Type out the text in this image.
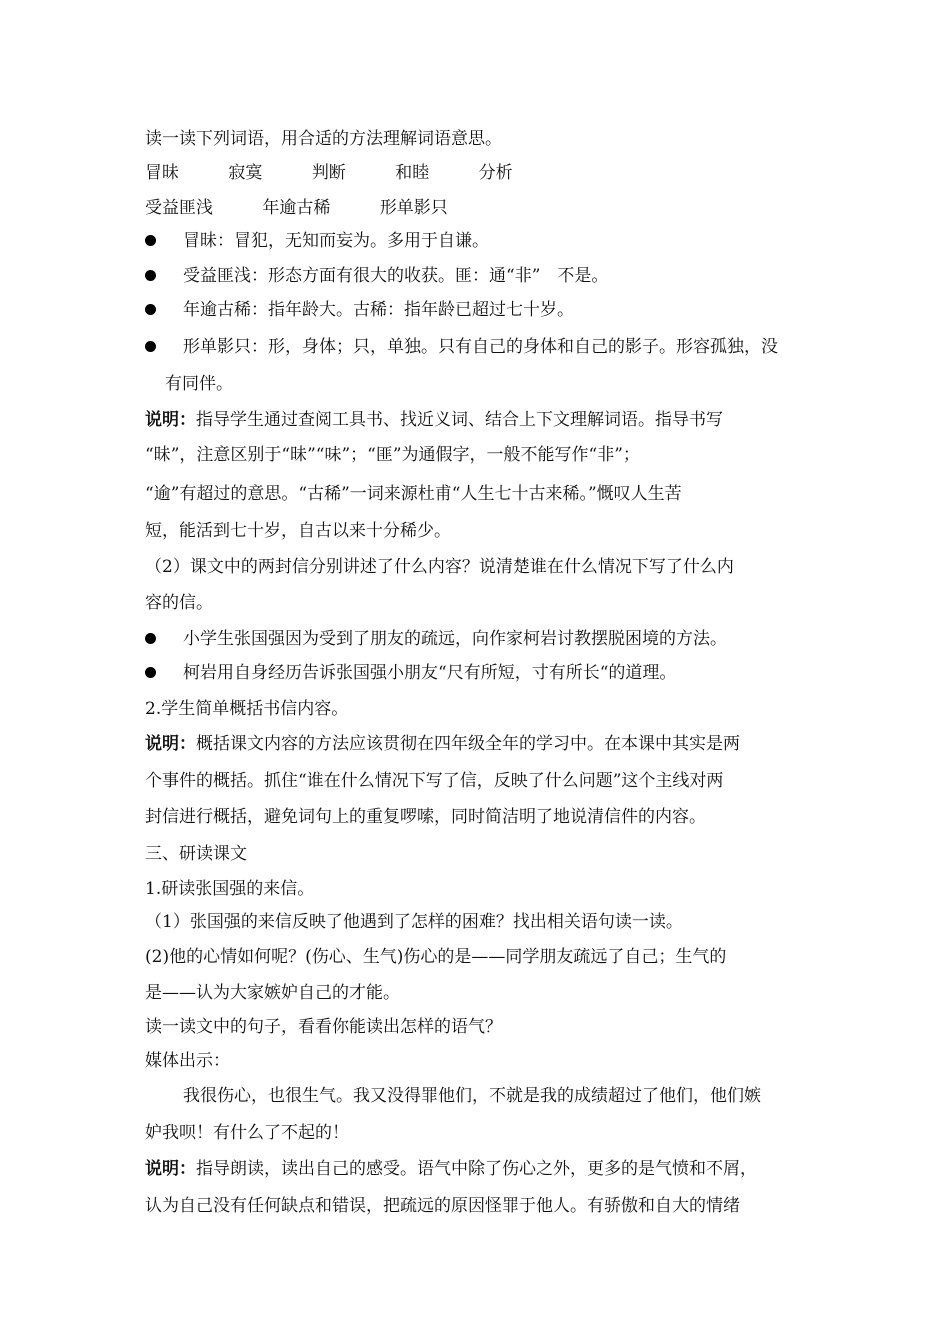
读一读下列词语，用合适的方法理解词语意思。
冒昧	寂寞	判断	和睦	分析
受益匪浅	年逾古稀	形单影只
冒昧：冒犯，无知而妄为。多用于自谦。
受益匪浅：形态方面有很大的收获。匪：通“非”　不是。
年逾古稀：指年龄大。古稀：指年龄已超过七十岁。
形单影只：形，身体；只，单独。只有自己的身体和自己的影子。形容孤独，没
有同伴。
说明：指导学生通过查阅工具书、找近义词、结合上下文理解词语。指导书写
“昧”，注意区别于“昧”“味”；“匪”为通假字，一般不能写作“非”；
“逾”有超过的意思。“古稀”一词来源杜甫“人生七十古来稀。”慨叹人生苦
短，能活到七十岁，自古以来十分稀少。
（2）课文中的两封信分别讲述了什么内容？说清楚谁在什么情况下写了什么内
容的信。
小学生张国强因为受到了朋友的疏远，向作家柯岩讨教摆脱困境的方法。
柯岩用自身经历告诉张国强小朋友“尺有所短，寸有所长“的道理。
2.学生简单概括书信内容。
说明：概括课文内容的方法应该贯彻在四年级全年的学习中。在本课中其实是两
个事件的概括。抓住“谁在什么情况下写了信，反映了什么问题”这个主线对两
封信进行概括，避免词句上的重复啰嗦，同时简洁明了地说清信件的内容。
三、研读课文
1.研读张国强的来信。
（1）张国强的来信反映了他遇到了怎样的困难？找出相关语句读一读。
(2)他的心情如何呢？(伤心、生气)伤心的是——同学朋友疏远了自己；生气的
是——认为大家嫉妒自己的才能。
读一读文中的句子，看看你能读出怎样的语气？
媒体出示：
我很伤心，也很生气。我又没得罪他们，不就是我的成绩超过了他们，他们嫉
妒我呗！有什么了不起的！
说明：指导朗读，读出自己的感受。语气中除了伤心之外，更多的是气愤和不屑，
认为自己没有任何缺点和错误，把疏远的原因怪罪于他人。有骄傲和自大的情绪
